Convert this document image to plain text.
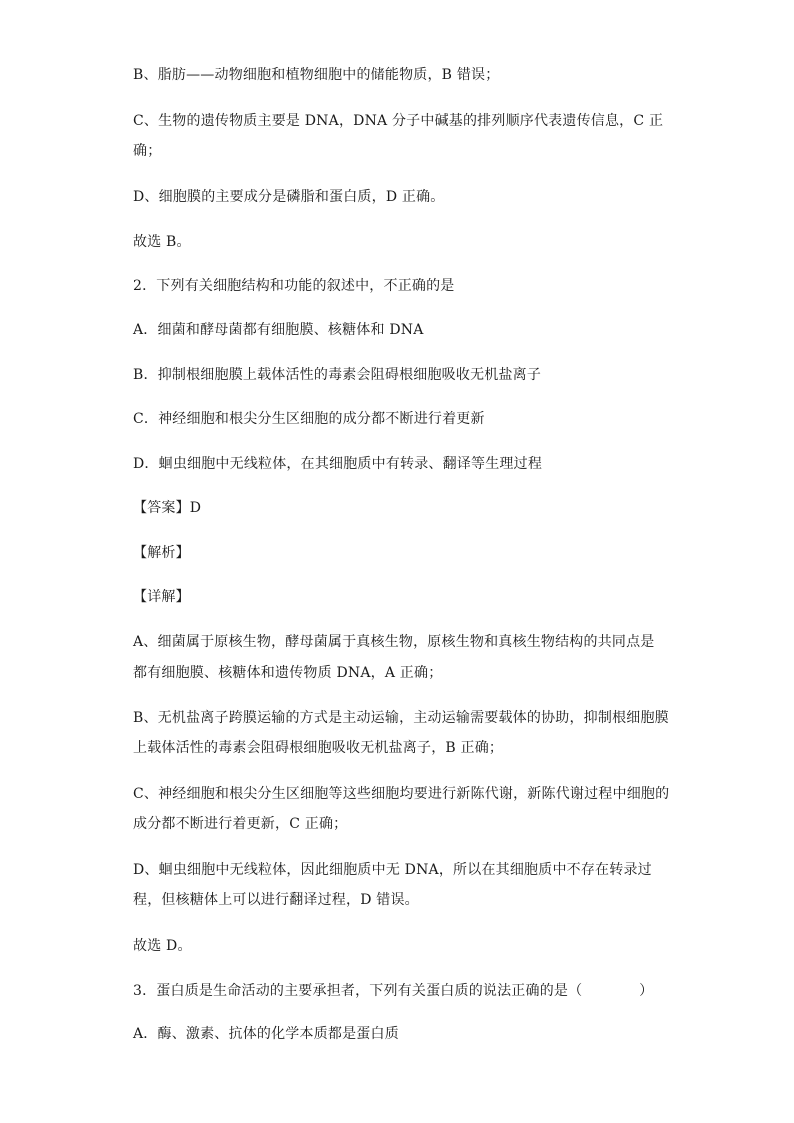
B、脂肪——动物细胞和植物细胞中的储能物质，B 错误；
C、生物的遗传物质主要是 DNA，DNA 分子中碱基的排列顺序代表遗传信息，C 正
确；
D、细胞膜的主要成分是磷脂和蛋白质，D 正确。
故选 B。
2．下列有关细胞结构和功能的叙述中，不正确的是
A．细菌和酵母菌都有细胞膜、核糖体和 DNA
B．抑制根细胞膜上载体活性的毒素会阻碍根细胞吸收无机盐离子
C．神经细胞和根尖分生区细胞的成分都不断进行着更新
D．蛔虫细胞中无线粒体，在其细胞质中有转录、翻译等生理过程
【答案】D
【解析】
【详解】
A、细菌属于原核生物，酵母菌属于真核生物，原核生物和真核生物结构的共同点是
都有细胞膜、核糖体和遗传物质 DNA，A 正确；
B、无机盐离子跨膜运输的方式是主动运输，主动运输需要载体的协助，抑制根细胞膜
上载体活性的毒素会阻碍根细胞吸收无机盐离子，B 正确；
C、神经细胞和根尖分生区细胞等这些细胞均要进行新陈代谢，新陈代谢过程中细胞的
成分都不断进行着更新，C 正确；
D、蛔虫细胞中无线粒体，因此细胞质中无 DNA，所以在其细胞质中不存在转录过
程，但核糖体上可以进行翻译过程，D 错误。
故选 D。
3．蛋白质是生命活动的主要承担者，下列有关蛋白质的说法正确的是（　　　　）
A．酶、激素、抗体的化学本质都是蛋白质
